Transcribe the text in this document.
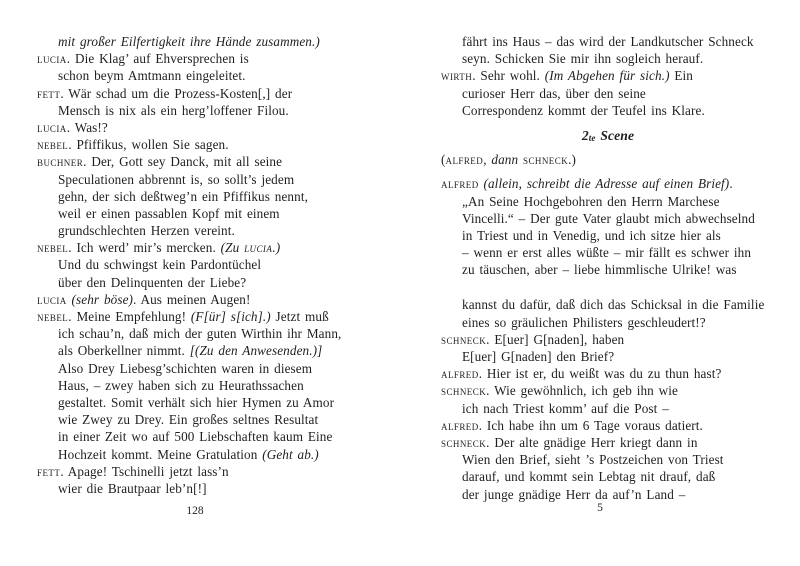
mit großer Eilfertigkeit ihre Hände zusammen.)
lucia. Die Klag’ auf Ehversprechen is
schon beym Amtmann eingeleitet.
fett. Wär schad um die Prozess-Kosten[,] der
Mensch is nix als ein herg’loffener Filou.
lucia. Was!?
nebel. Pfiffikus, wollen Sie sagen.
buchner. Der, Gott sey Danck, mit all seine
Speculationen abbrennt is, so sollt’s jedem
gehn, der sich deßtweg’n ein Pfiffikus nennt,
weil er einen passablen Kopf mit einem
grundschlechten Herzen vereint.
nebel. Ich werd’ mir’s mercken. (Zu lucia.)
Und du schwingst kein Pardontüchel
über den Delinquenten der Liebe?
lucia (sehr böse). Aus meinen Augen!
nebel. Meine Empfehlung! (F[ür] s[ich].) Jetzt muß
ich schau’n, daß mich der guten Wirthin ihr Mann,
als Oberkellner nimmt. [(Zu den Anwesenden.)]
Also Drey Liebesg’schichten waren in diesem
Haus, – zwey haben sich zu Heurathssachen
gestaltet. Somit verhält sich hier Hymen zu Amor
wie Zwey zu Drey. Ein großes seltnes Resultat
in einer Zeit wo auf 500 Liebschaften kaum Eine
Hochzeit kommt. Meine Gratulation (Geht ab.)
fett. Apage! Tschinelli jetzt lass’n
wier die Brautpaar leb’n[!]
fährt ins Haus – das wird der Landkutscher Schneck
seyn. Schicken Sie mir ihn sogleich herauf.
wirth. Sehr wohl. (Im Abgehen für sich.) Ein
curioser Herr das, über den seine
Correspondenz kommt der Teufel ins Klare.
2te Scene
(alfred, dann schneck.)
alfred (allein, schreibt die Adresse auf einen Brief).
„An Seine Hochgebohren den Herrn Marchese
Vincelli.“ – Der gute Vater glaubt mich abwechselnd
in Triest und in Venedig, und ich sitze hier als
– wenn er erst alles wüßte – mir fällt es schwer ihn
zu täuschen, aber – liebe himmlische Ulrike! was
kannst du dafür, daß dich das Schicksal in die Familie
eines so gräulichen Philisters geschleudert!?
schneck. E[uer] G[naden], haben
E[uer] G[naden] den Brief?
alfred. Hier ist er, du weißt was du zu thun hast?
schneck. Wie gewöhnlich, ich geb ihn wie
ich nach Triest komm’ auf die Post –
alfred. Ich habe ihn um 6 Tage voraus datiert.
schneck. Der alte gnädige Herr kriegt dann in
Wien den Brief, sieht ’s Postzeichen von Triest
darauf, und kommt sein Lebtag nit drauf, daß
der junge gnädige Herr da auf’n Land –
128	5
